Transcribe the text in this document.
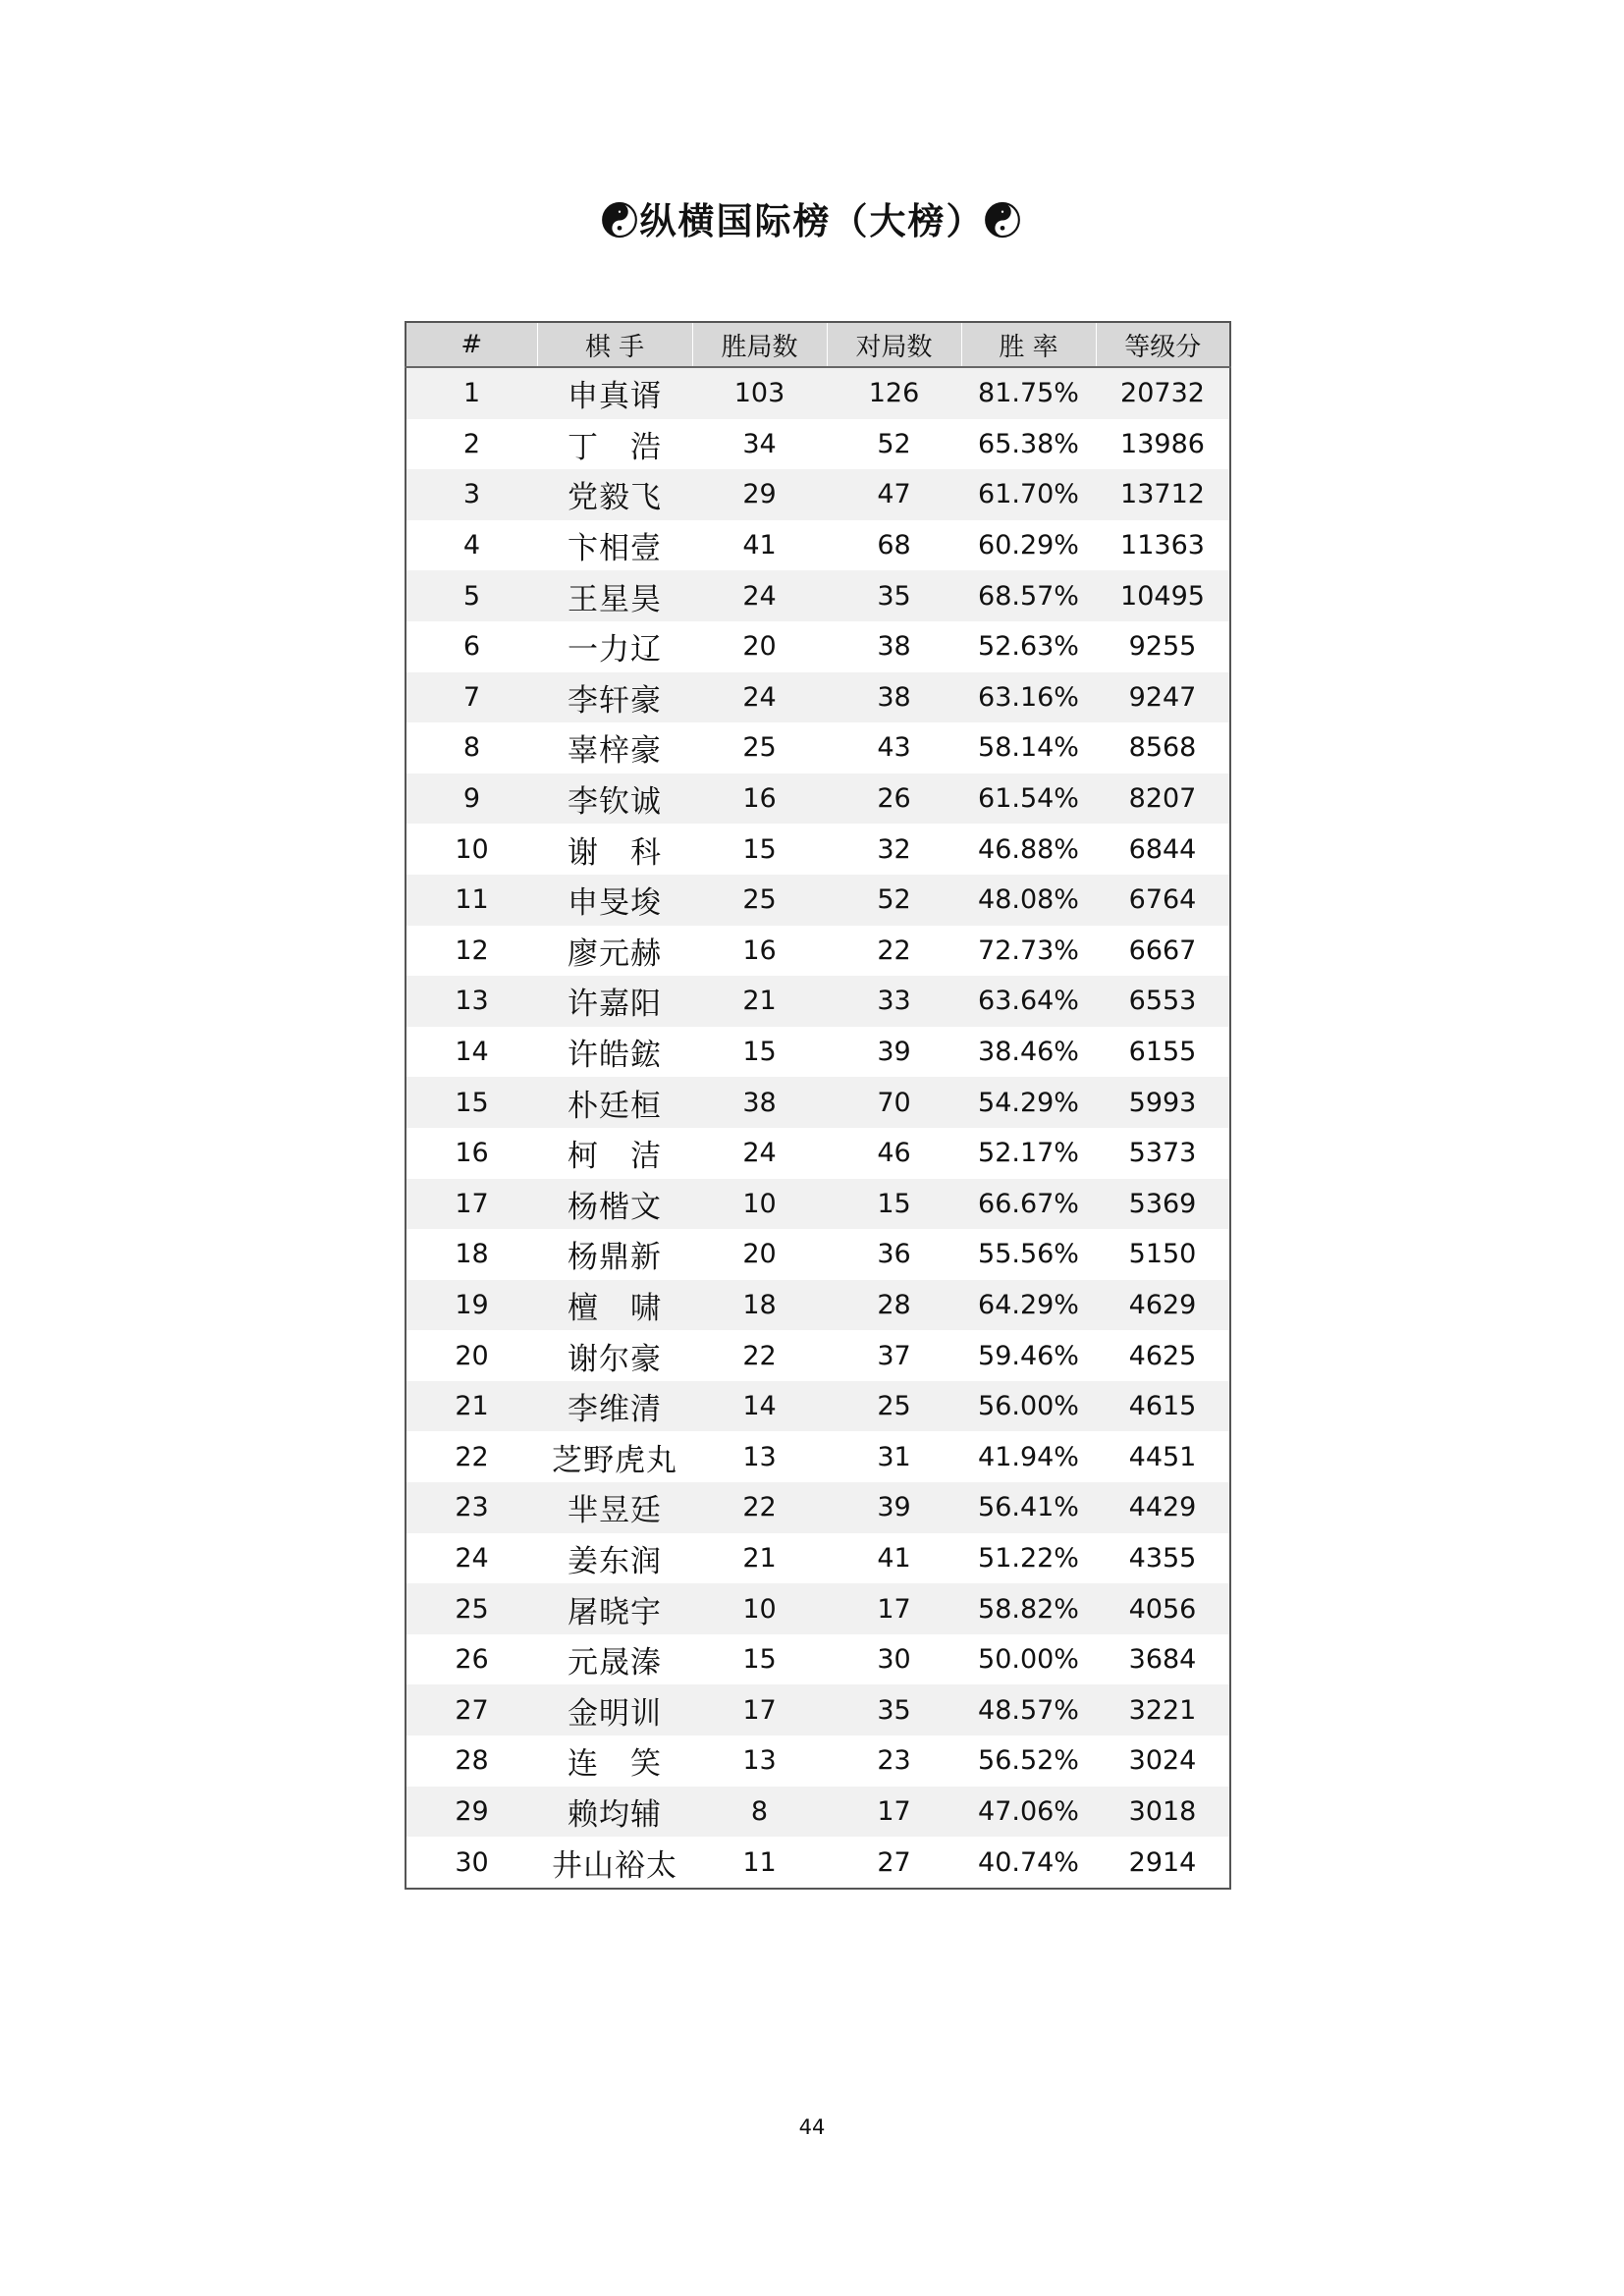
☯纵横国际榜（大榜）☯
#	棋 手	胜局数	对局数	胜 率	等级分
1	申真谞	103	126	81.75%	20732
2	丁　浩	34	52	65.38%	13986
3	党毅飞	29	47	61.70%	13712
4	卞相壹	41	68	60.29%	11363
5	王星昊	24	35	68.57%	10495
6	一力辽	20	38	52.63%	9255
7	李轩豪	24	38	63.16%	9247
8	辜梓豪	25	43	58.14%	8568
9	李钦诚	16	26	61.54%	8207
10	谢　科	15	32	46.88%	6844
11	申旻埈	25	52	48.08%	6764
12	廖元赫	16	22	72.73%	6667
13	许嘉阳	21	33	63.64%	6553
14	许皓鋐	15	39	38.46%	6155
15	朴廷桓	38	70	54.29%	5993
16	柯　洁	24	46	52.17%	5373
17	杨楷文	10	15	66.67%	5369
18	杨鼎新	20	36	55.56%	5150
19	檀　啸	18	28	64.29%	4629
20	谢尔豪	22	37	59.46%	4625
21	李维清	14	25	56.00%	4615
22	芝野虎丸	13	31	41.94%	4451
23	芈昱廷	22	39	56.41%	4429
24	姜东润	21	41	51.22%	4355
25	屠晓宇	10	17	58.82%	4056
26	元晟溱	15	30	50.00%	3684
27	金明训	17	35	48.57%	3221
28	连　笑	13	23	56.52%	3024
29	赖均辅	8	17	47.06%	3018
30	井山裕太	11	27	40.74%	2914
44
